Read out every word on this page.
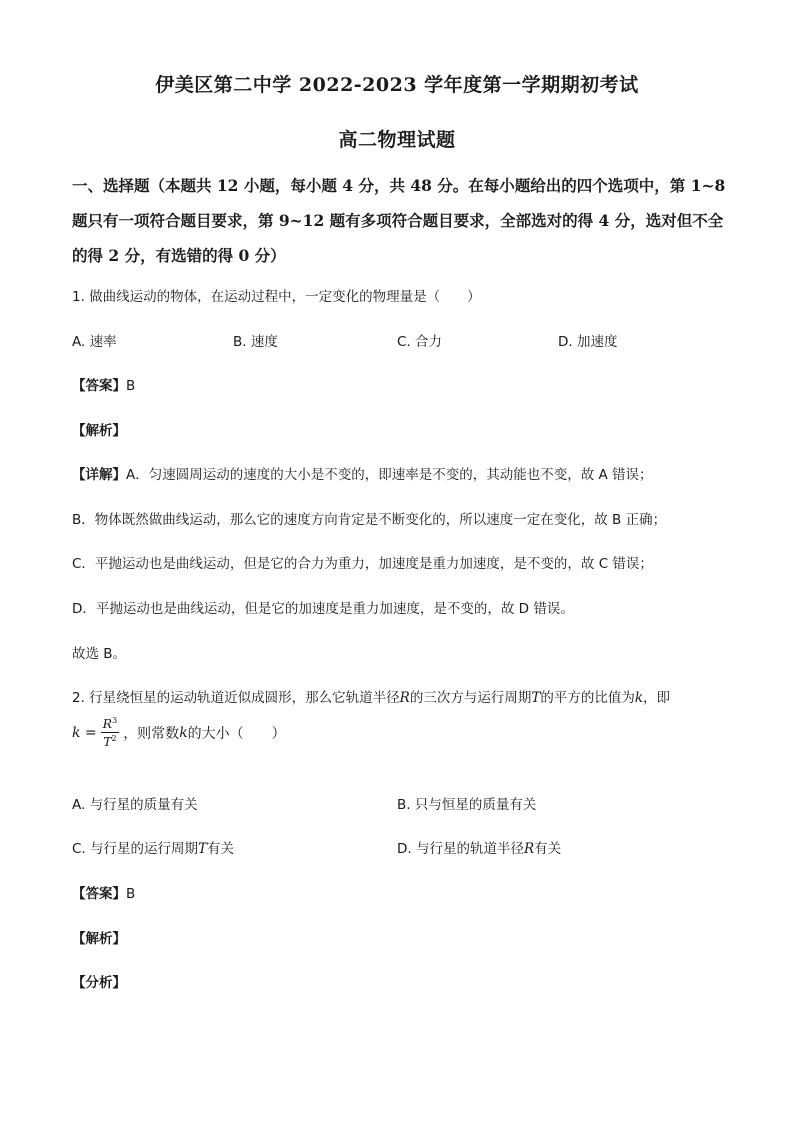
伊美区第二中学 2022-2023 学年度第一学期期初考试
高二物理试题
一、选择题（本题共 12 小题，每小题 4 分，共 48 分。在每小题给出的四个选项中，第 1~8 题只有一项符合题目要求，第 9~12 题有多项符合题目要求，全部选对的得 4 分，选对但不全的得 2 分，有选错的得 0 分）
1. 做曲线运动的物体，在运动过程中，一定变化的物理量是（　　）
A. 速率	B. 速度	C. 合力	D. 加速度
【答案】B
【解析】
【详解】A．匀速圆周运动的速度的大小是不变的，即速率是不变的，其动能也不变，故 A 错误；
B．物体既然做曲线运动，那么它的速度方向肯定是不断变化的，所以速度一定在变化，故 B 正确；
C．平抛运动也是曲线运动，但是它的合力为重力，加速度是重力加速度，是不变的，故 C 错误；
D．平抛运动也是曲线运动，但是它的加速度是重力加速度，是不变的，故 D 错误。
故选 B。
2. 行星绕恒星的运动轨道近似成圆形，那么它轨道半径R的三次方与运行周期T的平方的比值为k，即
$k = \frac{R^3}{T^2}$ ，则常数 k 的大小（　　）
A. 与行星的质量有关	B. 只与恒星的质量有关
C. 与行星的运行周期T有关	D. 与行星的轨道半径R有关
【答案】B
【解析】
【分析】
